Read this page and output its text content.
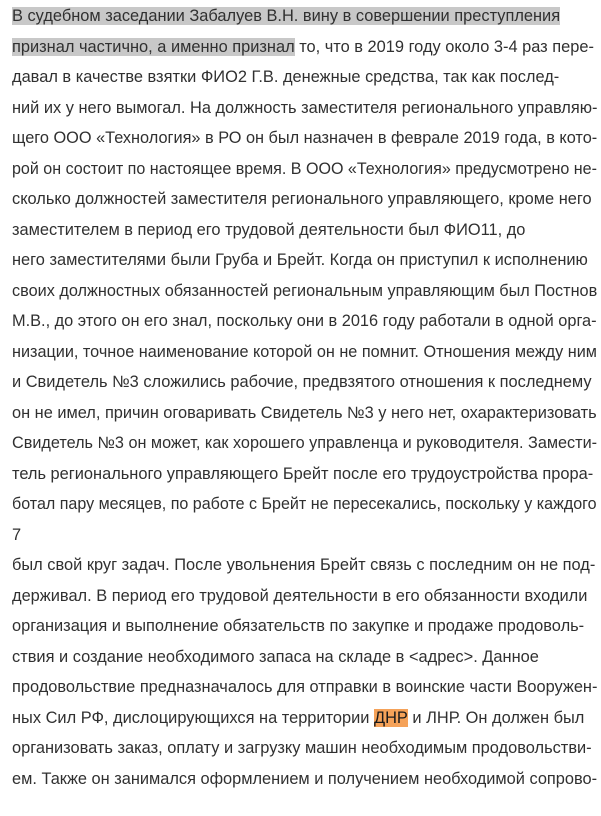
В судебном заседании Забалуев В.Н. вину в совершении преступления
признал частично, а именно признал то, что в 2019 году около 3-4 раз пере-
давал в качестве взятки ФИО2 Г.В. денежные средства, так как послед-
ний их у него вымогал. На должность заместителя регионального управляю-
щего ООО «Технология» в РО он был назначен в феврале 2019 года, в кото-
рой он состоит по настоящее время. В ООО «Технология» предусмотрено не-
сколько должностей заместителя регионального управляющего, кроме него
заместителем в период его трудовой деятельности был ФИО11, до
него заместителями были Груба и Брейт. Когда он приступил к исполнению
своих должностных обязанностей региональным управляющим был Постнов
М.В., до этого он его знал, поскольку они в 2016 году работали в одной орга-
низации, точное наименование которой он не помнит. Отношения между ним
и Свидетель №3 сложились рабочие, предвзятого отношения к последнему
он не имел, причин оговаривать Свидетель №3 у него нет, охарактеризовать
Свидетель №3 он может, как хорошего управленца и руководителя. Замести-
тель регионального управляющего Брейт после его трудоустройства прора-
ботал пару месяцев, по работе с Брейт не пересекались, поскольку у каждого
7
был свой круг задач. После увольнения Брейт связь с последним он не под-
держивал. В период его трудовой деятельности в его обязанности входили
организация и выполнение обязательств по закупке и продаже продоволь-
ствия и создание необходимого запаса на складе в <адрес>. Данное
продовольствие предназначалось для отправки в воинские части Вооружен-
ных Сил РФ, дислоцирующихся на территории ДНР и ЛНР. Он должен был
организовать заказ, оплату и загрузку машин необходимым продовольстви-
ем. Также он занимался оформлением и получением необходимой сопрово-
